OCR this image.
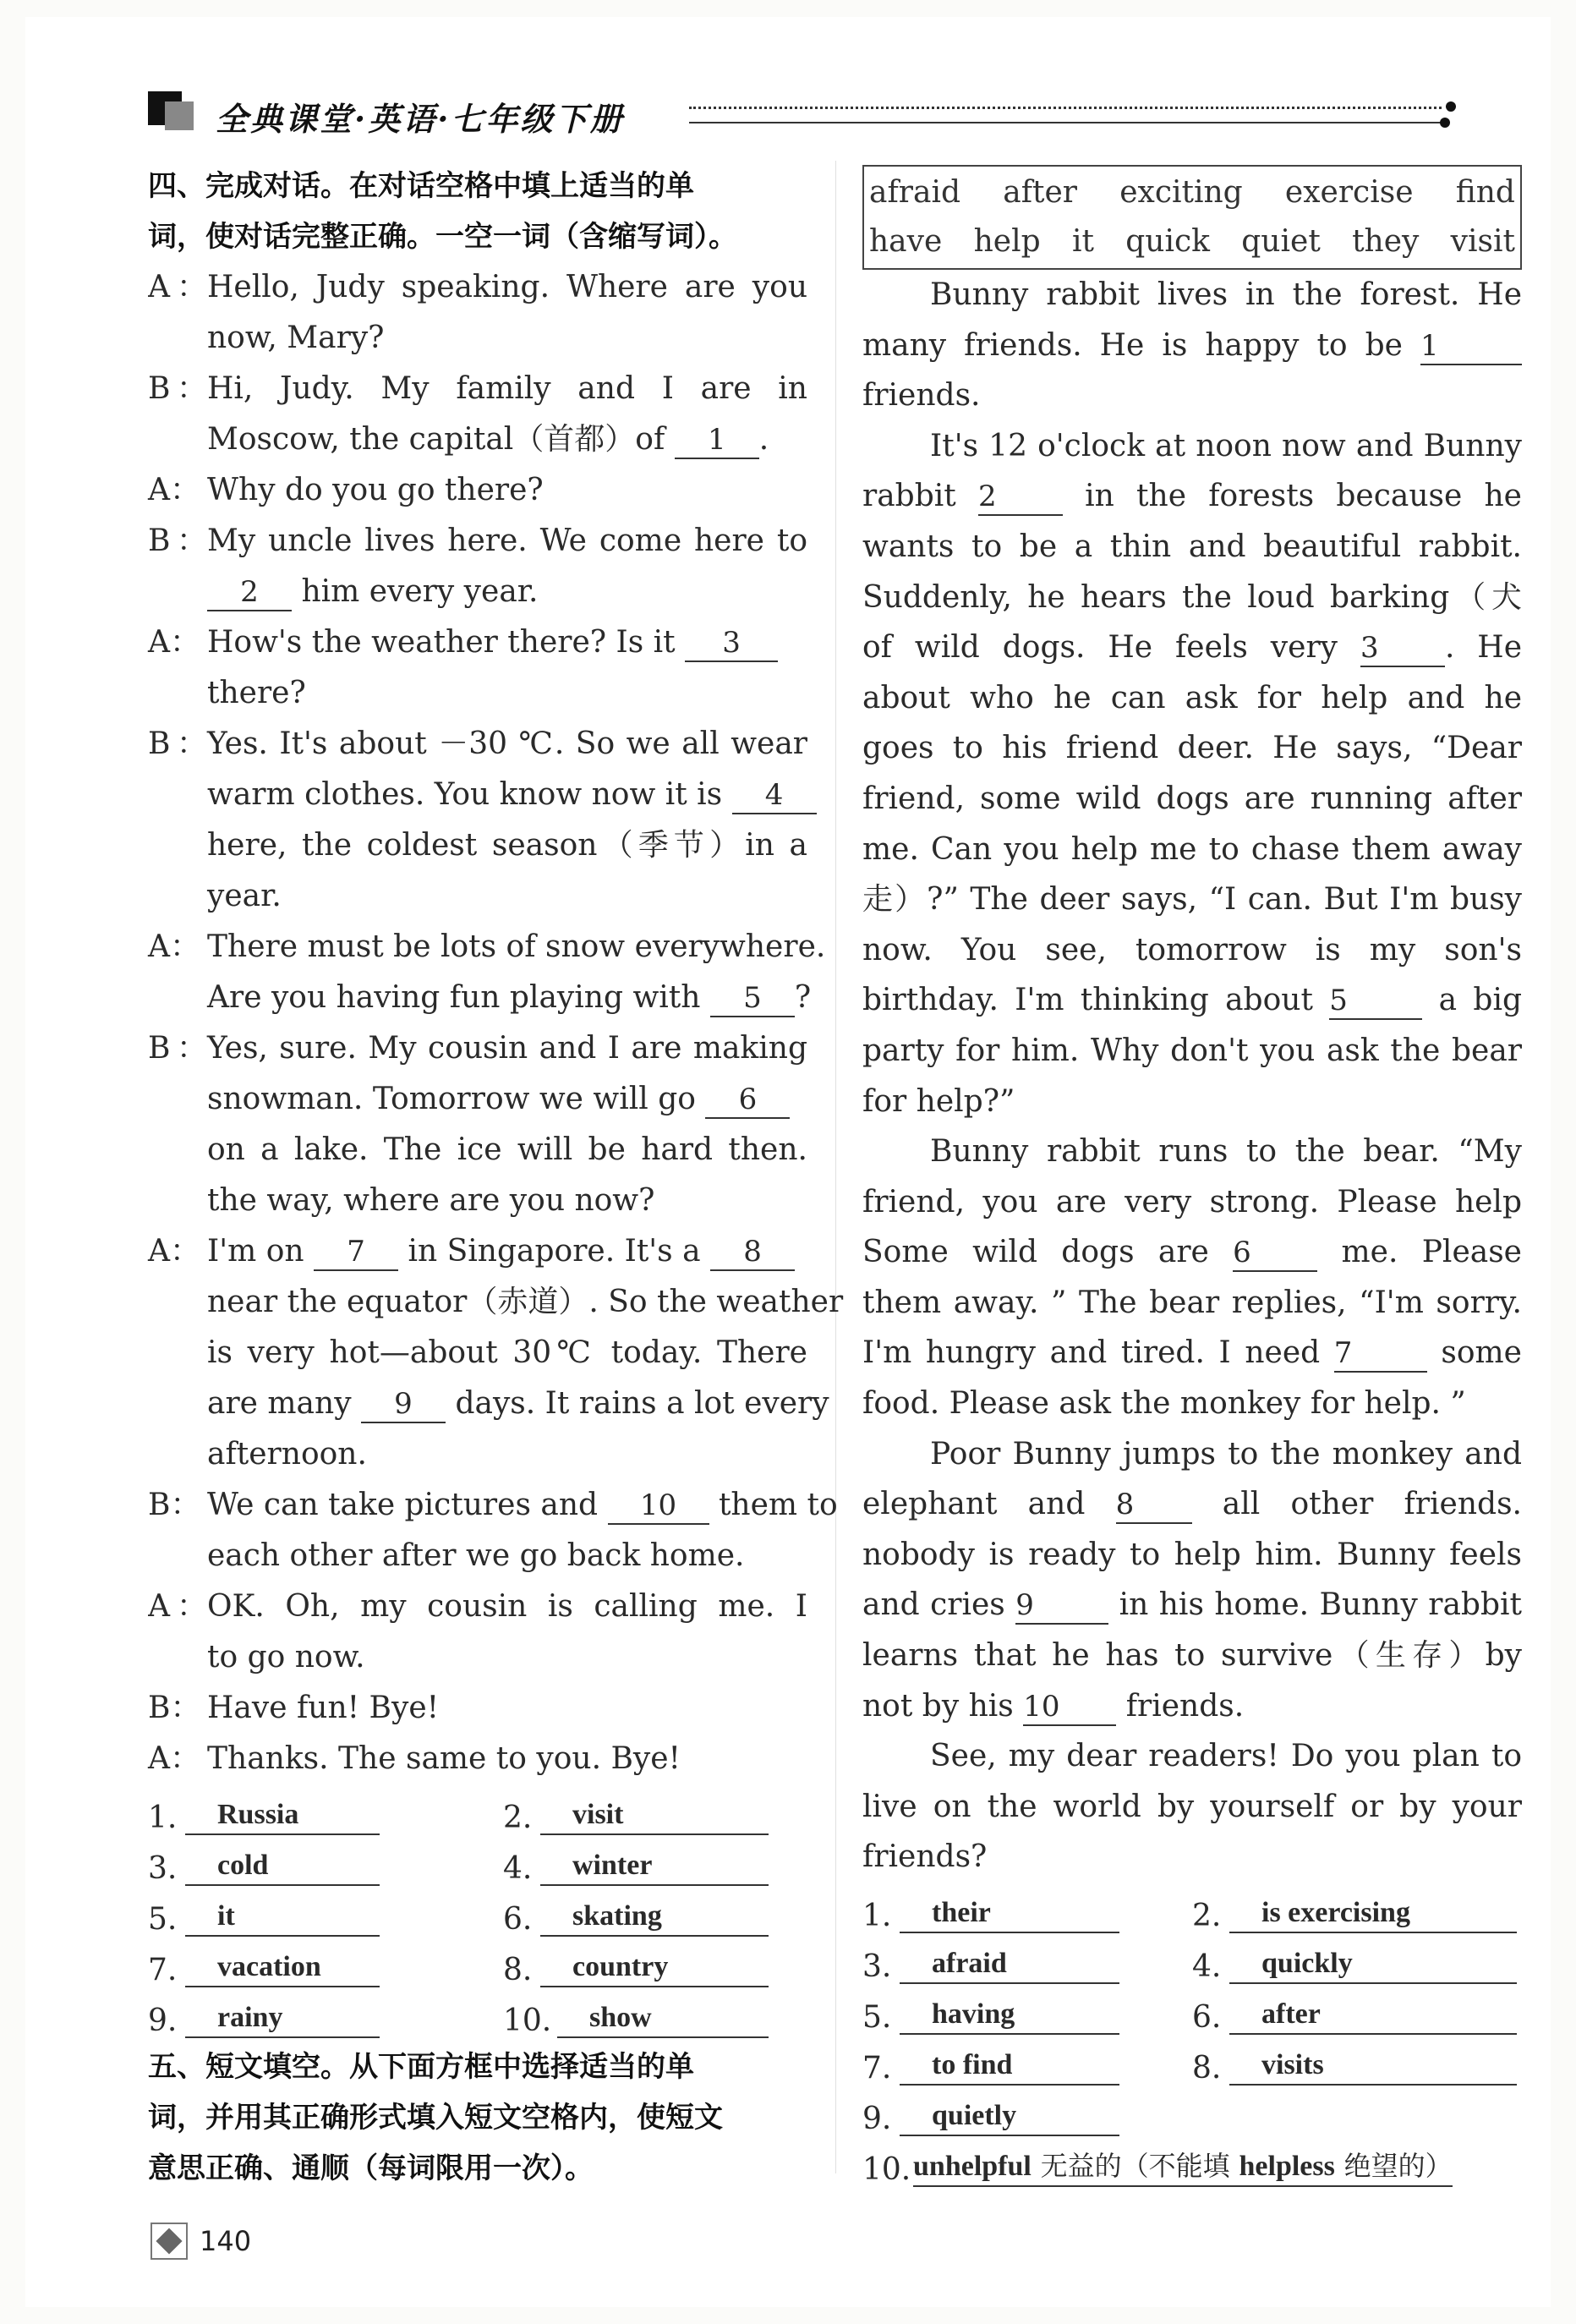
全典课堂·英语·七年级下册
四、完成对话。在对话空格中填上适当的单
词，使对话完整正确。一空一词（含缩写词）。
A：Hello, Judy speaking. Where are you
now, Mary?
B：Hi, Judy. My family and I are in
Moscow, the capital（首都）of 1 .
A： Why do you go there?
B：My uncle lives here. We come here to
2 him every year.
A： How's the weather there? Is it 3
there?
B：Yes. It's about －30 ℃. So we all wear
warm clothes. You know now it is 4
here, the coldest season（季节）in a
year.
A： There must be lots of snow everywhere.
Are you having fun playing with 5 ?
B：Yes, sure. My cousin and I are making
snowman. Tomorrow we will go 6
on a lake. The ice will be hard then.
the way, where are you now?
A： I'm on 7 in Singapore. It's a 8
near the equator（赤道）. So the weather
is very hot—about 30℃ today. There
are many 9 days. It rains a lot every
afternoon.
B： We can take pictures and 10 them to
each other after we go back home.
A：OK. Oh, my cousin is calling me. I
to go now.
B： Have fun! Bye!
A： Thanks. The same to you. Bye!
1.	Russia	2.	visit
3.	cold	4.	winter
5.	it	6.	skating
7.	vacation	8.	country
9.	rainy	10.	show
五、短文填空。从下面方框中选择适当的单
词，并用其正确形式填入短文空格内，使短文
意思正确、通顺（每词限用一次）。
afraid after exciting exercise find
have help it quick quiet they visit
Bunny rabbit lives in the forest. He
many friends. He is happy to be 1
friends.
It's 12 o'clock at noon now and Bunny
rabbit 2	in the forests because he
wants to be a thin and beautiful rabbit.
Suddenly, he hears the loud barking（犬
of wild dogs. He feels very 3 . He
about who he can ask for help and he
goes to his friend deer. He says, “Dear
friend, some wild dogs are running after
me. Can you help me to chase them away
走）?” The deer says, “I can. But I'm busy
now. You see, tomorrow is my son's
birthday. I'm thinking about 5	a big
party for him. Why don't you ask the bear
for help?”
Bunny rabbit runs to the bear. “My
friend, you are very strong. Please help
Some wild dogs are 6	me. Please
them away. ” The bear replies, “I'm sorry.
I'm hungry and tired. I need 7	some
food. Please ask the monkey for help. ”
Poor Bunny jumps to the monkey and
elephant and 8	all other friends.
nobody is ready to help him. Bunny feels
and cries 9	in his home. Bunny rabbit
learns that he has to survive（生存）by
not by his 10 friends.
See, my dear readers! Do you plan to
live on the world by yourself or by your
friends?
1.	their	2.	is exercising
3.	afraid	4.	quickly
5.	having	6.	after
7.	to find	8.	visits
9.	quietly
10. unhelpful 无益的（不能填 helpless 绝望的）
140
